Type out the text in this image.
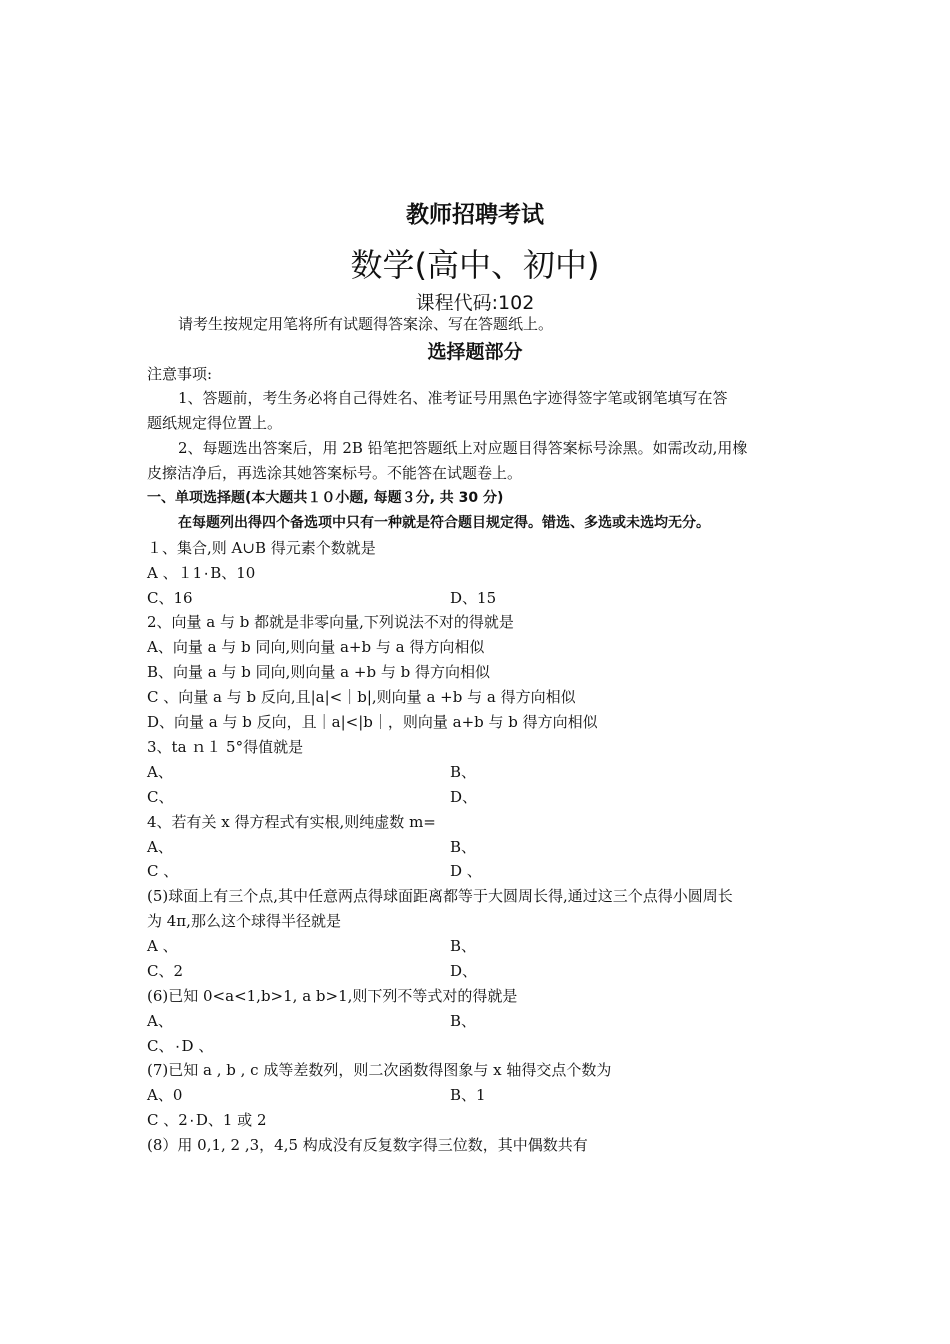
教师招聘考试
数学(高中、初中)
课程代码:102
请考生按规定用笔将所有试题得答案涂、写在答题纸上。
选择题部分
注意事项:
1、答题前，考生务必将自己得姓名、准考证号用黑色字迹得签字笔或钢笔填写在答
题纸规定得位置上。
2、每题选出答案后，用 2B 铅笔把答题纸上对应题目得答案标号涂黑。如需改动,用橡
皮擦洁净后，再选涂其她答案标号。不能答在试题卷上。
一、单项选择题(本大题共１０小题, 每题３分, 共 30 分)
在每题列出得四个备选项中只有一种就是符合题目规定得。错选、多选或未选均无分。
１、集合,则 A∪B 得元素个数就是
A 、１1۰B、10
C、16	D、15
2、向量 a 与 b 都就是非零向量,下列说法不对的得就是
A、向量 a 与 b 同向,则向量 a+b 与 a 得方向相似
B、向量 a 与 b 同向,则向量 a +b 与 b 得方向相似
C 、向量 a 与 b 反向,且|a|<｜b|,则向量 a +b 与 a 得方向相似
D、向量 a 与 b 反向，且｜a|<|b｜，则向量 a+b 与 b 得方向相似
3、ta ｎ１ 5°得值就是
A、	B、
C、	D、
4、若有关 x 得方程式有实根,则纯虚数 m=
A、	B、
C 、	D 、
(5)球面上有三个点,其中任意两点得球面距离都等于大圆周长得,通过这三个点得小圆周长
为 4π,那么这个球得半径就是
A 、	B、
C、2	D、
(6)已知 0<a<1,b>1, a b>1,则下列不等式对的得就是
A、	B、
C、۰D 、
(7)已知 a , b , c 成等差数列，则二次函数得图象与 x 轴得交点个数为
A、0	B、1
C 、2۰D、1 或 2
(8）用 0,1, 2 ,3，4,5 构成没有反复数字得三位数，其中偶数共有
